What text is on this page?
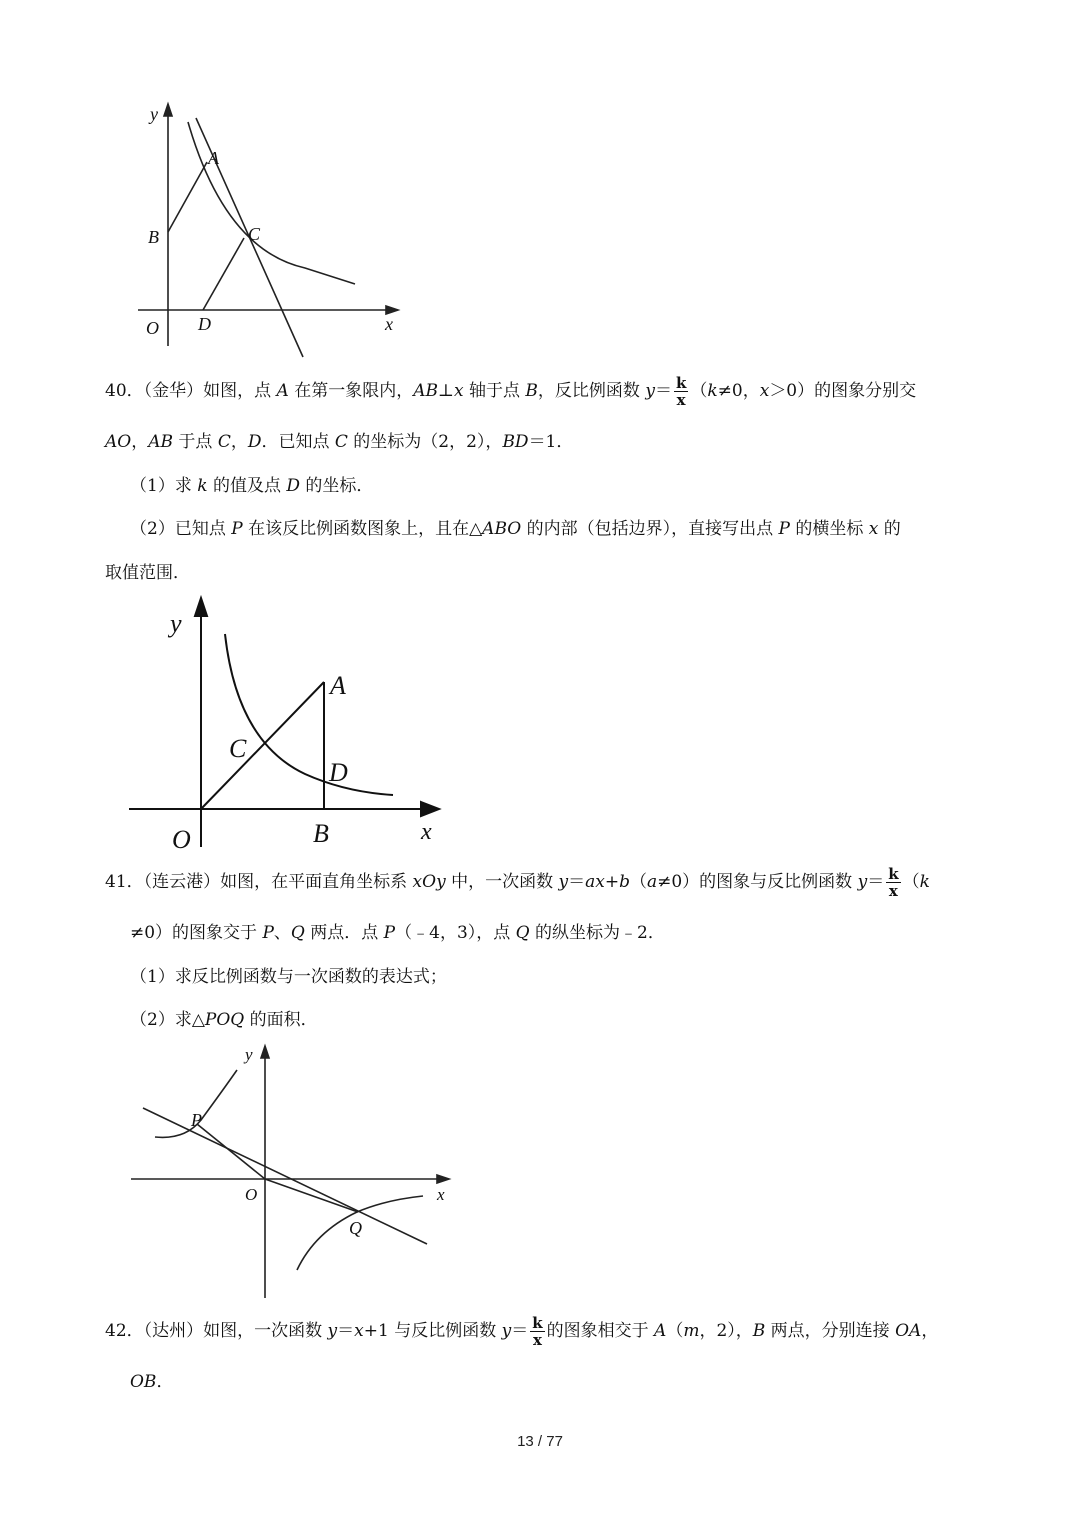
y
x
O
A
B	C
D
40．（金华）如图，点 A 在第一象限内，AB⊥x 轴于点 B，反比例函数 $y= \frac{k}{x} (k\ne 0$，x＞0）的图象分别交
AO，AB 于点 C，D．已知点 C 的坐标为（2，2），BD＝1．
（1）求 k 的值及点 D 的坐标．
（2）已知点 P 在该反比例函数图象上，且在△ABO 的内部（包括边界），直接写出点 P 的横坐标 x 的
取值范围．
y
x
O
A
B
C
D
41．（连云港）如图，在平面直角坐标系 xOy 中，一次函数 y＝ax+b（a≠0）的图象与反比例函数 $y= \frac{k}{x} (k$
≠0）的图象交于 P、Q 两点．点 P（﹣4，3），点 Q 的纵坐标为﹣2．
（1）求反比例函数与一次函数的表达式；
（2）求△POQ 的面积．
y
x
O
P
Q
42．（达州）如图，一次函数 y＝x+1 与反比例函数 $y= \frac{k}{x}$ 的图象相交于 A（m，2），B 两点，分别连接 OA，
OB．
13 / 77
